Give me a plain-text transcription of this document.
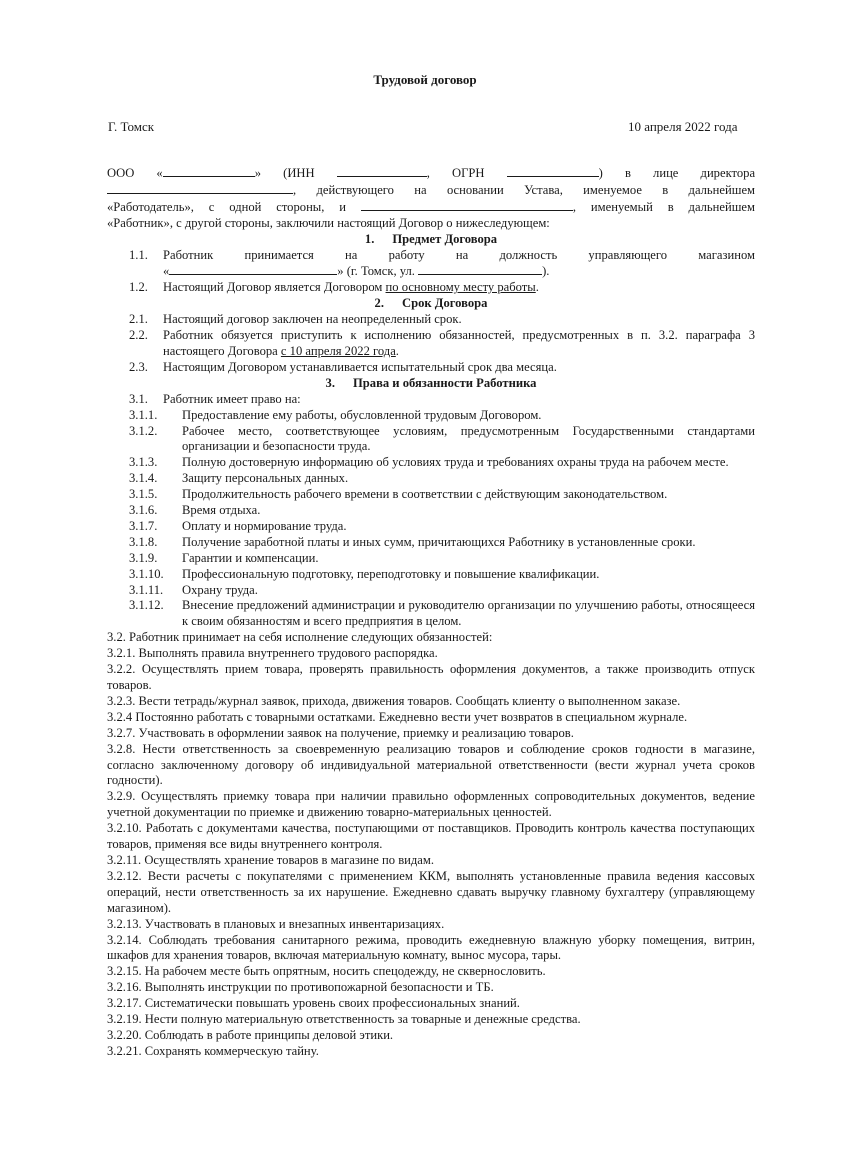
Трудовой договор
Г. Томск	10 апреля 2022 года

ООО «	» (ИНН	, ОГРН	) в лице директора

, действующего на основании Устава, именуемое в дальнейшем

«Работодатель», с одной стороны, и	, именуемый в дальнейшем

«Работник», с другой стороны, заключили настоящий Договор о нижеследующем:

1. Предмет Договора

1.1.	Работник принимается на работу на должность управляющего магазином
«	» (г. Томск, ул.	).
1.2.	Настоящий Договор является Договором по основному месту работы.

2. Срок Договора

2.1.	Настоящий договор заключен на неопределенный срок.
2.2.	Работник обязуется приступить к исполнению обязанностей, предусмотренных в п. 3.2. параграфа 3 настоящего Договора с 10 апреля 2022 года.
2.3.	Настоящим Договором устанавливается испытательный срок два месяца.

3. Права и обязанности Работника

3.1.	Работник имеет право на:
3.1.1.	Предоставление ему работы, обусловленной трудовым Договором.
3.1.2.	Рабочее место, соответствующее условиям, предусмотренным Государственными стандартами организации и безопасности труда.
3.1.3.	Полную достоверную информацию об условиях труда и требованиях охраны труда на рабочем месте.
3.1.4.	Защиту персональных данных.
3.1.5.	Продолжительность рабочего времени в соответствии с действующим законодательством.
3.1.6.	Время отдыха.
3.1.7.	Оплату и нормирование труда.
3.1.8.	Получение заработной платы и иных сумм, причитающихся Работнику в установленные сроки.
3.1.9.	Гарантии и компенсации.
3.1.10.	Профессиональную подготовку, переподготовку и повышение квалификации.
3.1.11.	Охрану труда.
3.1.12.	Внесение предложений администрации и руководителю организации по улучшению работы, относящееся к своим обязанностям и всего предприятия в целом.

3.2. Работник принимает на себя исполнение следующих обязанностей:

3.2.1. Выполнять правила внутреннего трудового распорядка.

3.2.2. Осуществлять прием товара, проверять правильность оформления документов, а также производить отпуск товаров.

3.2.3. Вести тетрадь/журнал заявок, прихода, движения товаров. Сообщать клиенту о выполненном заказе.

3.2.4 Постоянно работать с товарными остатками. Ежедневно вести учет возвратов в специальном журнале.

3.2.7. Участвовать в оформлении заявок на получение, приемку и реализацию товаров.

3.2.8. Нести ответственность за своевременную реализацию товаров и соблюдение сроков годности в магазине, согласно заключенному договору об индивидуальной материальной ответственности (вести журнал учета сроков годности).

3.2.9. Осуществлять приемку товара при наличии правильно оформленных сопроводительных документов, ведение учетной документации по приемке и движению товарно-материальных ценностей.

3.2.10. Работать с документами качества, поступающими от поставщиков. Проводить контроль качества поступающих товаров, применяя все виды внутреннего контроля.

3.2.11. Осуществлять хранение товаров в магазине по видам.

3.2.12. Вести расчеты с покупателями с применением ККМ, выполнять установленные правила ведения кассовых операций, нести ответственность за их нарушение. Ежедневно сдавать выручку главному бухгалтеру (управляющему магазином).

3.2.13. Участвовать в плановых и внезапных инвентаризациях.

3.2.14. Соблюдать требования санитарного режима, проводить ежедневную влажную уборку помещения, витрин, шкафов для хранения товаров, включая материальную комнату, вынос мусора, тары.

3.2.15. На рабочем месте быть опрятным, носить спецодежду, не сквернословить.

3.2.16. Выполнять инструкции по противопожарной безопасности и ТБ.

3.2.17. Систематически повышать уровень своих профессиональных знаний.

3.2.19. Нести полную материальную ответственность за товарные и денежные средства.

3.2.20. Соблюдать в работе принципы деловой этики.

3.2.21. Сохранять коммерческую тайну.
